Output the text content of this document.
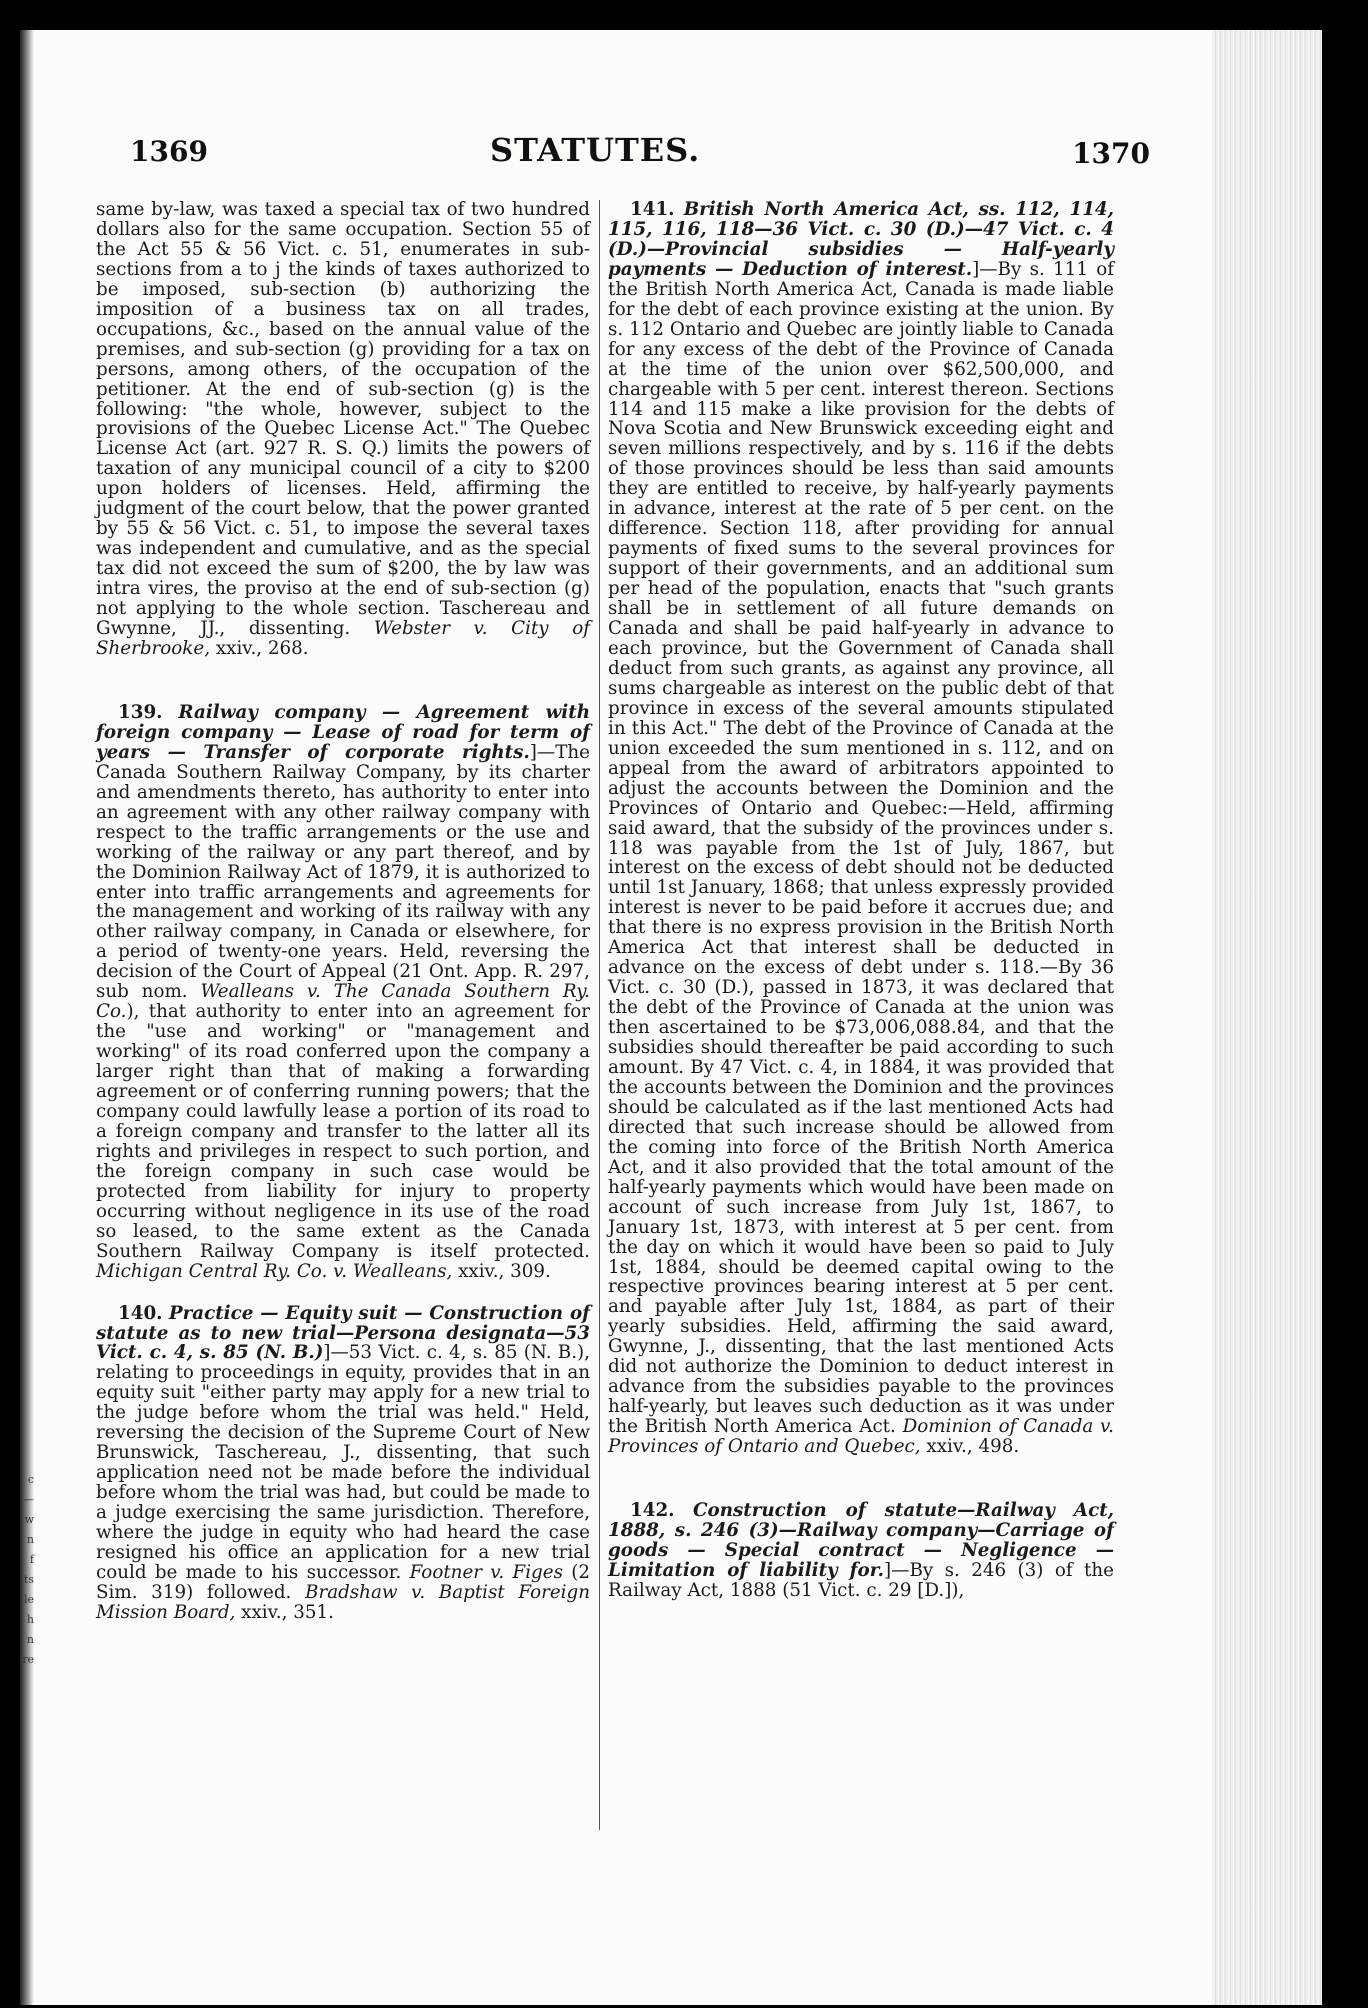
1369	STATUTES.	1370

same by-law, was taxed a special tax of two hundred dollars also for the same occupation. Section 55 of the Act 55 & 56 Vict. c. 51, enumerates in sub-sections from a to j the kinds of taxes authorized to be imposed, sub-section (b) authorizing the imposition of a business tax on all trades, occupations, &c., based on the annual value of the premises, and sub-section (g) providing for a tax on persons, among others, of the occupation of the petitioner. At the end of sub-section (g) is the following: "the whole, however, subject to the provisions of the Quebec License Act." The Quebec License Act (art. 927 R. S. Q.) limits the powers of taxation of any municipal council of a city to $200 upon holders of licenses. Held, affirming the judgment of the court below, that the power granted by 55 & 56 Vict. c. 51, to impose the several taxes was independent and cumulative, and as the special tax did not exceed the sum of $200, the by law was intra vires, the proviso at the end of sub-section (g) not applying to the whole section. Taschereau and Gwynne, JJ., dissenting. Webster v. City of Sherbrooke, xxiv., 268.

139. Railway company — Agreement with foreign company — Lease of road for term of years — Transfer of corporate rights.]—The Canada Southern Railway Company, by its charter and amendments thereto, has authority to enter into an agreement with any other railway company with respect to the traffic arrangements or the use and working of the railway or any part thereof, and by the Dominion Railway Act of 1879, it is authorized to enter into traffic arrangements and agreements for the management and working of its railway with any other railway company, in Canada or elsewhere, for a period of twenty-one years. Held, reversing the decision of the Court of Appeal (21 Ont. App. R. 297, sub nom. Wealleans v. The Canada Southern Ry. Co.), that authority to enter into an agreement for the "use and working" or "management and working" of its road conferred upon the company a larger right than that of making a forwarding agreement or of conferring running powers; that the company could lawfully lease a portion of its road to a foreign company and transfer to the latter all its rights and privileges in respect to such portion, and the foreign company in such case would be protected from liability for injury to property occurring without negligence in its use of the road so leased, to the same extent as the Canada Southern Railway Company is itself protected. Michigan Central Ry. Co. v. Wealleans, xxiv., 309.

140. Practice — Equity suit — Construction of statute as to new trial—Persona designata—53 Vict. c. 4, s. 85 (N. B.)]—53 Vict. c. 4, s. 85 (N. B.), relating to proceedings in equity, provides that in an equity suit "either party may apply for a new trial to the judge before whom the trial was held." Held, reversing the decision of the Supreme Court of New Brunswick, Taschereau, J., dissenting, that such application need not be made before the individual before whom the trial was had, but could be made to a judge exercising the same jurisdiction. Therefore, where the judge in equity who had heard the case resigned his office an application for a new trial could be made to his successor. Footner v. Figes (2 Sim. 319) followed. Bradshaw v. Baptist Foreign Mission Board, xxiv., 351.

141. British North America Act, ss. 112, 114, 115, 116, 118—36 Vict. c. 30 (D.)—47 Vict. c. 4 (D.)—Provincial subsidies — Half-yearly payments — Deduction of interest.]—By s. 111 of the British North America Act, Canada is made liable for the debt of each province existing at the union. By s. 112 Ontario and Quebec are jointly liable to Canada for any excess of the debt of the Province of Canada at the time of the union over $62,500,000, and chargeable with 5 per cent. interest thereon. Sections 114 and 115 make a like provision for the debts of Nova Scotia and New Brunswick exceeding eight and seven millions respectively, and by s. 116 if the debts of those provinces should be less than said amounts they are entitled to receive, by half-yearly payments in advance, interest at the rate of 5 per cent. on the difference. Section 118, after providing for annual payments of fixed sums to the several provinces for support of their governments, and an additional sum per head of the population, enacts that "such grants shall be in settlement of all future demands on Canada and shall be paid half-yearly in advance to each province, but the Government of Canada shall deduct from such grants, as against any province, all sums chargeable as interest on the public debt of that province in excess of the several amounts stipulated in this Act." The debt of the Province of Canada at the union exceeded the sum mentioned in s. 112, and on appeal from the award of arbitrators appointed to adjust the accounts between the Dominion and the Provinces of Ontario and Quebec:—Held, affirming said award, that the subsidy of the provinces under s. 118 was payable from the 1st of July, 1867, but interest on the excess of debt should not be deducted until 1st January, 1868; that unless expressly provided interest is never to be paid before it accrues due; and that there is no express provision in the British North America Act that interest shall be deducted in advance on the excess of debt under s. 118.—By 36 Vict. c. 30 (D.), passed in 1873, it was declared that the debt of the Province of Canada at the union was then ascertained to be $73,006,088.84, and that the subsidies should thereafter be paid according to such amount. By 47 Vict. c. 4, in 1884, it was provided that the accounts between the Dominion and the provinces should be calculated as if the last mentioned Acts had directed that such increase should be allowed from the coming into force of the British North America Act, and it also provided that the total amount of the half-yearly payments which would have been made on account of such increase from July 1st, 1867, to January 1st, 1873, with interest at 5 per cent. from the day on which it would have been so paid to July 1st, 1884, should be deemed capital owing to the respective provinces bearing interest at 5 per cent. and payable after July 1st, 1884, as part of their yearly subsidies. Held, affirming the said award, Gwynne, J., dissenting, that the last mentioned Acts did not authorize the Dominion to deduct interest in advance from the subsidies payable to the provinces half-yearly, but leaves such deduction as it was under the British North America Act. Dominion of Canada v. Provinces of Ontario and Quebec, xxiv., 498.

142. Construction of statute—Railway Act, 1888, s. 246 (3)—Railway company—Carriage of goods — Special contract — Negligence — Limitation of liability for.]—By s. 246 (3) of the Railway Act, 1888 (51 Vict. c. 29 [D.]),

c — w n f ts le h n re
